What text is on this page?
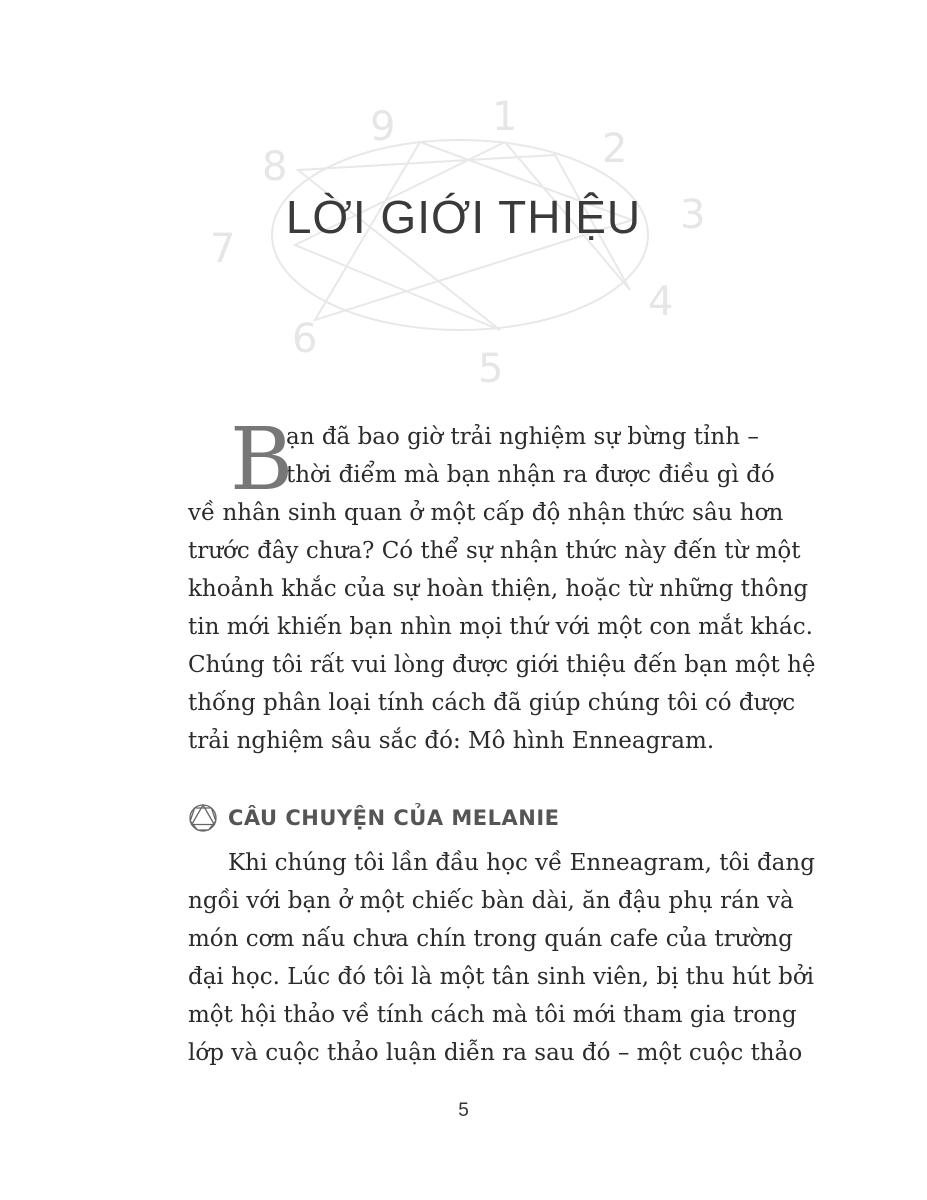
9 1
2
3
4
5
6
7
8
LỜI GIỚI THIỆU
B
ạn đã bao giờ trải nghiệm sự bừng tỉnh –
thời điểm mà bạn nhận ra được điều gì đó
về nhân sinh quan ở một cấp độ nhận thức sâu hơn
trước đây chưa? Có thể sự nhận thức này đến từ một
khoảnh khắc của sự hoàn thiện, hoặc từ những thông
tin mới khiến bạn nhìn mọi thứ với một con mắt khác.
Chúng tôi rất vui lòng được giới thiệu đến bạn một hệ
thống phân loại tính cách đã giúp chúng tôi có được
trải nghiệm sâu sắc đó: Mô hình Enneagram.
CÂU CHUYỆN CỦA MELANIE
Khi chúng tôi lần đầu học về Enneagram, tôi đang
ngồi với bạn ở một chiếc bàn dài, ăn đậu phụ rán và
món cơm nấu chưa chín trong quán cafe của trường
đại học. Lúc đó tôi là một tân sinh viên, bị thu hút bởi
một hội thảo về tính cách mà tôi mới tham gia trong
lớp và cuộc thảo luận diễn ra sau đó – một cuộc thảo
5
